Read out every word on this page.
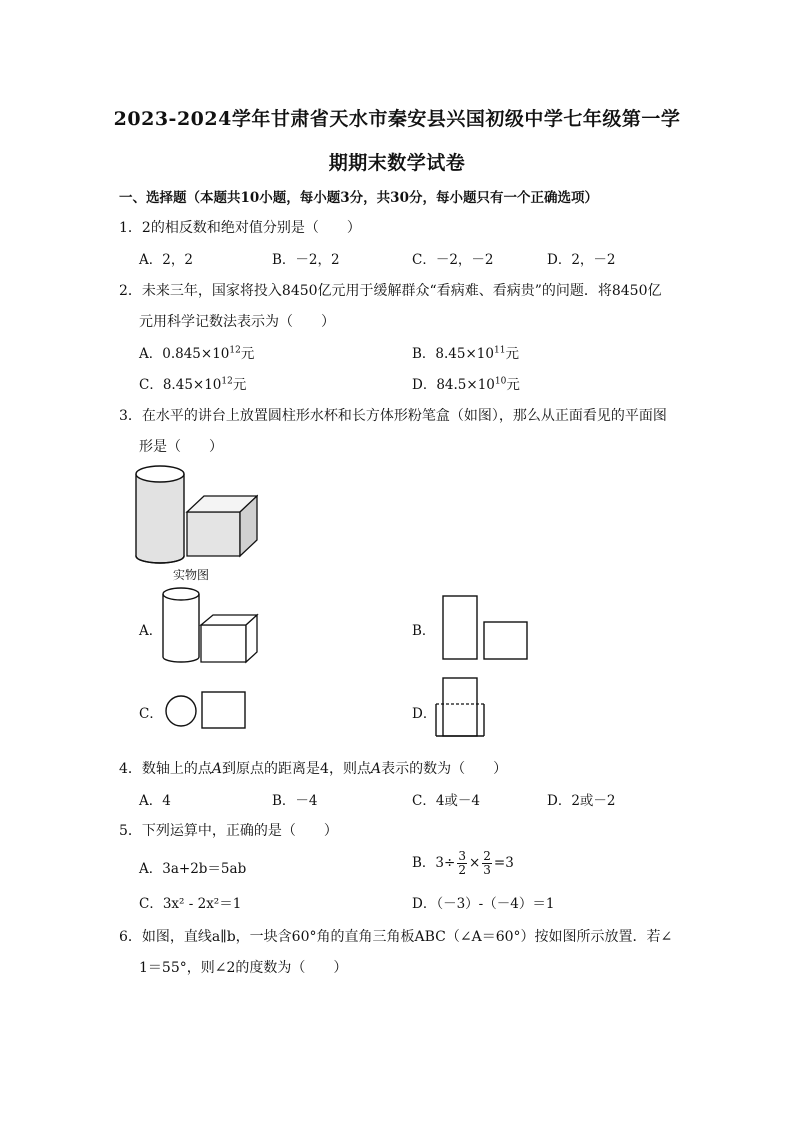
2023-2024学年甘肃省天水市秦安县兴国初级中学七年级第一学
期期末数学试卷
一、选择题（本题共10小题，每小题3分，共30分，每小题只有一个正确选项）
1．2的相反数和绝对值分别是（　　）
A．2，2	B．－2，2	C．－2，－2	D．2，－2
2．未来三年，国家将投入8450亿元用于缓解群众“看病难、看病贵”的问题．将8450亿
元用科学记数法表示为（　　）
A．$0.845\times 10^{12}$元	B．$8.45\times 10^{11}$元
C．$8.45\times 10^{12}$元	D．$84.5\times 10^{10}$元
3．在水平的讲台上放置圆柱形水杯和长方体形粉笔盒（如图），那么从正面看见的平面图
形是（　　）
实物图
A．	B．
C．	D．
4．数轴上的点A到原点的距离是4，则点A表示的数为（　　）
A．4	B．－4	C．4或－4	D．2或－2
5．下列运算中，正确的是（　　）
A．3a+2b＝5ab	B．$3\div \frac{3}{2} \times \frac{2}{3} =3$
C．3x² - 2x²＝1	D．（－3）-（－4）＝1
6．如图，直线a∥b，一块含60°角的直角三角板ABC（∠A＝60°）按如图所示放置．若∠
1＝55°，则∠2的度数为（　　）
